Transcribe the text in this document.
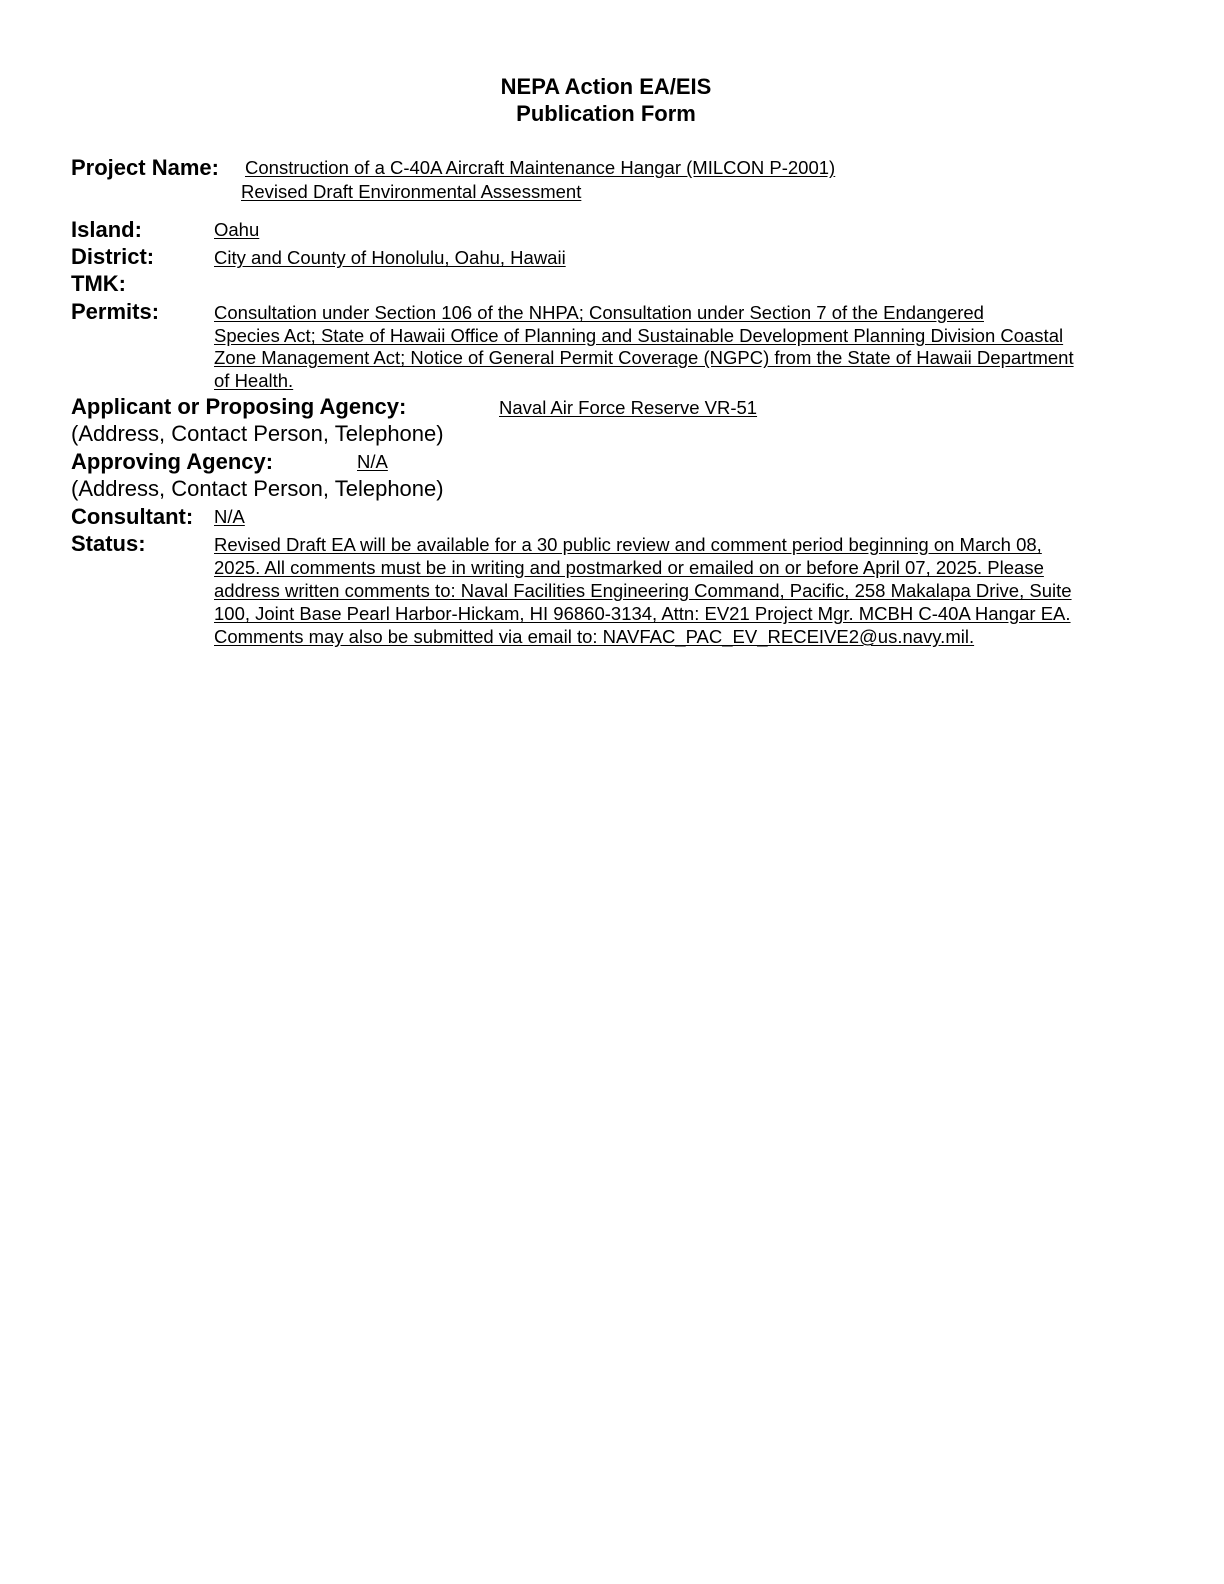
NEPA Action EA/EIS
Publication Form
Project Name: Construction of a C-40A Aircraft Maintenance Hangar (MILCON P-2001)
Revised Draft Environmental Assessment
Island:	Oahu
District:	City and County of Honolulu, Oahu, Hawaii
TMK:
Permits:	Consultation under Section 106 of the NHPA; Consultation under Section 7 of the Endangered
Species Act; State of Hawaii Office of Planning and Sustainable Development Planning Division Coastal
Zone Management Act; Notice of General Permit Coverage (NGPC) from the State of Hawaii Department
of Health.
Applicant or Proposing Agency:	Naval Air Force Reserve VR-51
(Address, Contact Person, Telephone)
Approving Agency:	N/A
(Address, Contact Person, Telephone)
Consultant: N/A
Status:	Revised Draft EA will be available for a 30 public review and comment period beginning on March 08,
2025. All comments must be in writing and postmarked or emailed on or before April 07, 2025. Please
address written comments to: Naval Facilities Engineering Command, Pacific, 258 Makalapa Drive, Suite
100, Joint Base Pearl Harbor-Hickam, HI 96860-3134, Attn: EV21 Project Mgr. MCBH C-40A Hangar EA.
Comments may also be submitted via email to: NAVFAC_PAC_EV_RECEIVE2@us.navy.mil.
